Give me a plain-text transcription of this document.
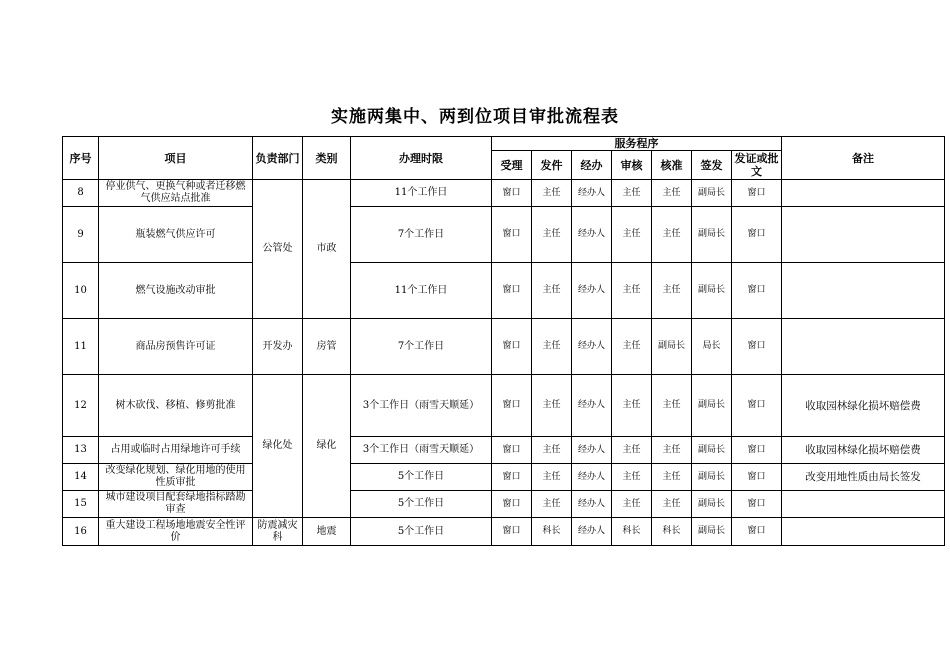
实施两集中、两到位项目审批流程表
序号	项目	负责部门	类别	办理时限	服务程序							备注
					受理	发件	经办	审核	核准	签发	发证或批文	
8	停业供气、更换气种或者迁移燃气供应站点批准	公管处	市政	11个工作日	窗口	主任	经办人	主任	主任	副局长	窗口	
9	瓶装燃气供应许可			7个工作日	窗口	主任	经办人	主任	主任	副局长	窗口	
10	燃气设施改动审批			11个工作日	窗口	主任	经办人	主任	主任	副局长	窗口	
11	商品房预售许可证	开发办	房管	7个工作日	窗口	主任	经办人	主任	副局长	局长	窗口	
12	树木砍伐、移植、修剪批准	绿化处	绿化	3个工作日（雨雪天顺延）	窗口	主任	经办人	主任	主任	副局长	窗口	收取园林绿化损坏赔偿费
13	占用或临时占用绿地许可手续			3个工作日（雨雪天顺延）	窗口	主任	经办人	主任	主任	副局长	窗口	收取园林绿化损坏赔偿费
14	改变绿化规划、绿化用地的使用性质审批			5个工作日	窗口	主任	经办人	主任	主任	副局长	窗口	改变用地性质由局长签发
15	城市建设项目配套绿地指标踏勘审查			5个工作日	窗口	主任	经办人	主任	主任	副局长	窗口	
16	重大建设工程场地地震安全性评价	防震减灾科	地震	5个工作日	窗口	科长	经办人	科长	科长	副局长	窗口	
